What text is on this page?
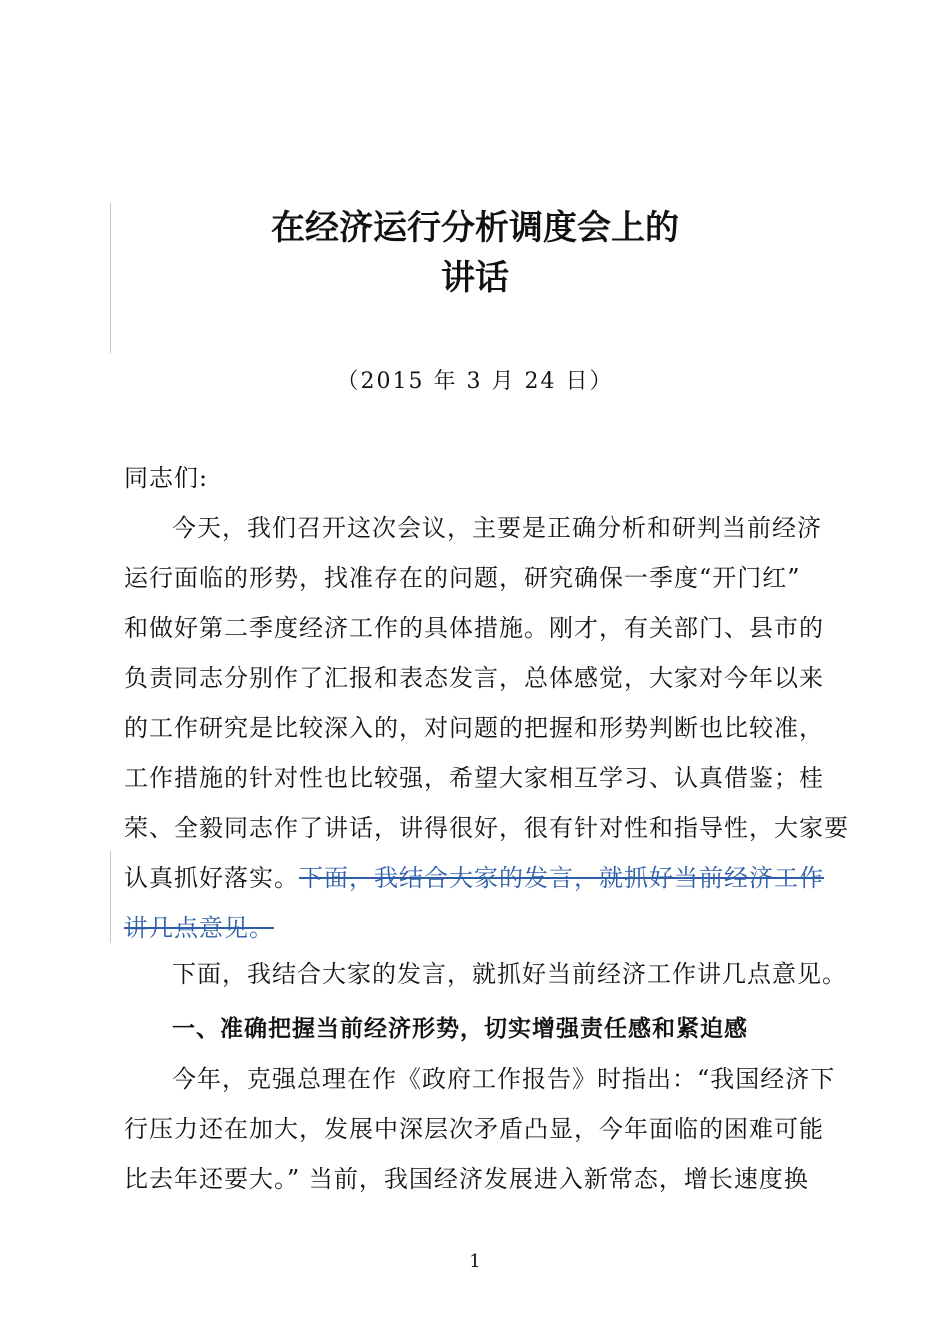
在经济运行分析调度会上的
讲话
（2015 年 3 月 24 日）
同志们:
今天，我们召开这次会议，主要是正确分析和研判当前经济
运行面临的形势，找准存在的问题，研究确保一季度“开门红”
和做好第二季度经济工作的具体措施。刚才，有关部门、县市的
负责同志分别作了汇报和表态发言，总体感觉，大家对今年以来
的工作研究是比较深入的，对问题的把握和形势判断也比较准，
工作措施的针对性也比较强，希望大家相互学习、认真借鉴；桂
荣、全毅同志作了讲话，讲得很好，很有针对性和指导性，大家要
认真抓好落实。下面，我结合大家的发言，就抓好当前经济工作
讲几点意见。
下面，我结合大家的发言，就抓好当前经济工作讲几点意见。
一、准确把握当前经济形势，切实增强责任感和紧迫感
今年，克强总理在作《政府工作报告》时指出：“我国经济下
行压力还在加大，发展中深层次矛盾凸显，今年面临的困难可能
比去年还要大。” 当前，我国经济发展进入新常态，增长速度换
1
